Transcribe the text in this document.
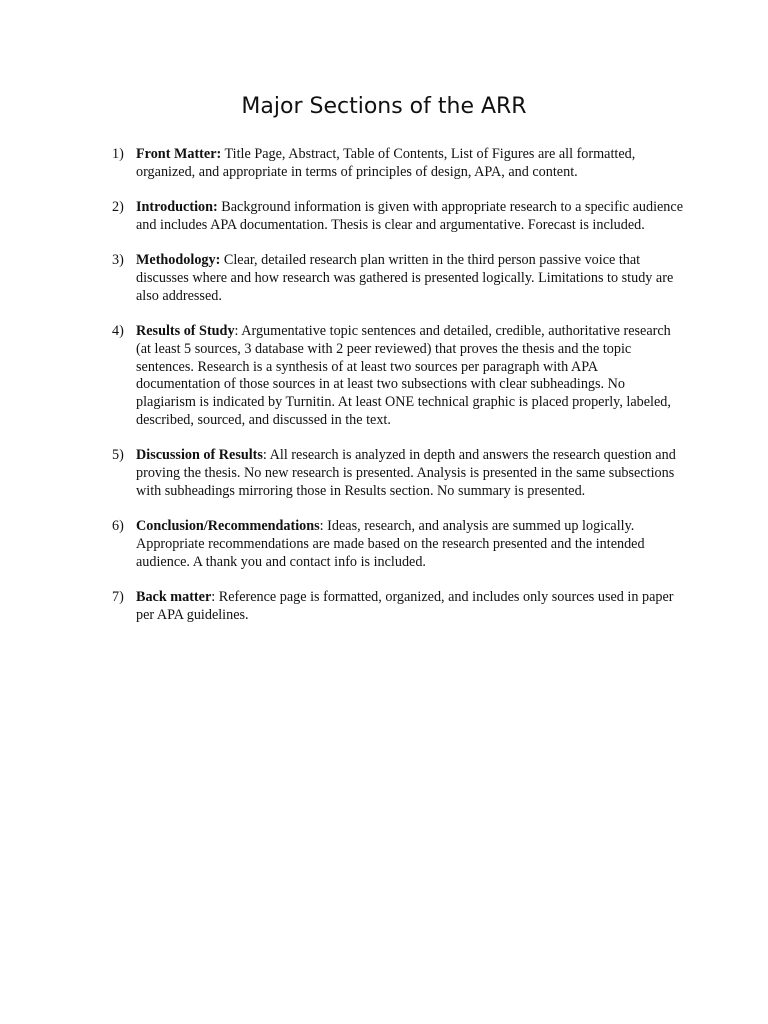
Major Sections of the ARR
1) Front Matter: Title Page, Abstract, Table of Contents, List of Figures are all formatted, organized, and appropriate in terms of principles of design, APA, and content.
2) Introduction: Background information is given with appropriate research to a specific audience and includes APA documentation. Thesis is clear and argumentative. Forecast is included.
3) Methodology: Clear, detailed research plan written in the third person passive voice that discusses where and how research was gathered is presented logically. Limitations to study are also addressed.
4) Results of Study: Argumentative topic sentences and detailed, credible, authoritative research (at least 5 sources, 3 database with 2 peer reviewed) that proves the thesis and the topic sentences. Research is a synthesis of at least two sources per paragraph with APA documentation of those sources in at least two subsections with clear subheadings. No plagiarism is indicated by Turnitin. At least ONE technical graphic is placed properly, labeled, described, sourced, and discussed in the text.
5) Discussion of Results: All research is analyzed in depth and answers the research question and proving the thesis. No new research is presented. Analysis is presented in the same subsections with subheadings mirroring those in Results section. No summary is presented.
6) Conclusion/Recommendations: Ideas, research, and analysis are summed up logically. Appropriate recommendations are made based on the research presented and the intended audience. A thank you and contact info is included.
7) Back matter: Reference page is formatted, organized, and includes only sources used in paper per APA guidelines.
